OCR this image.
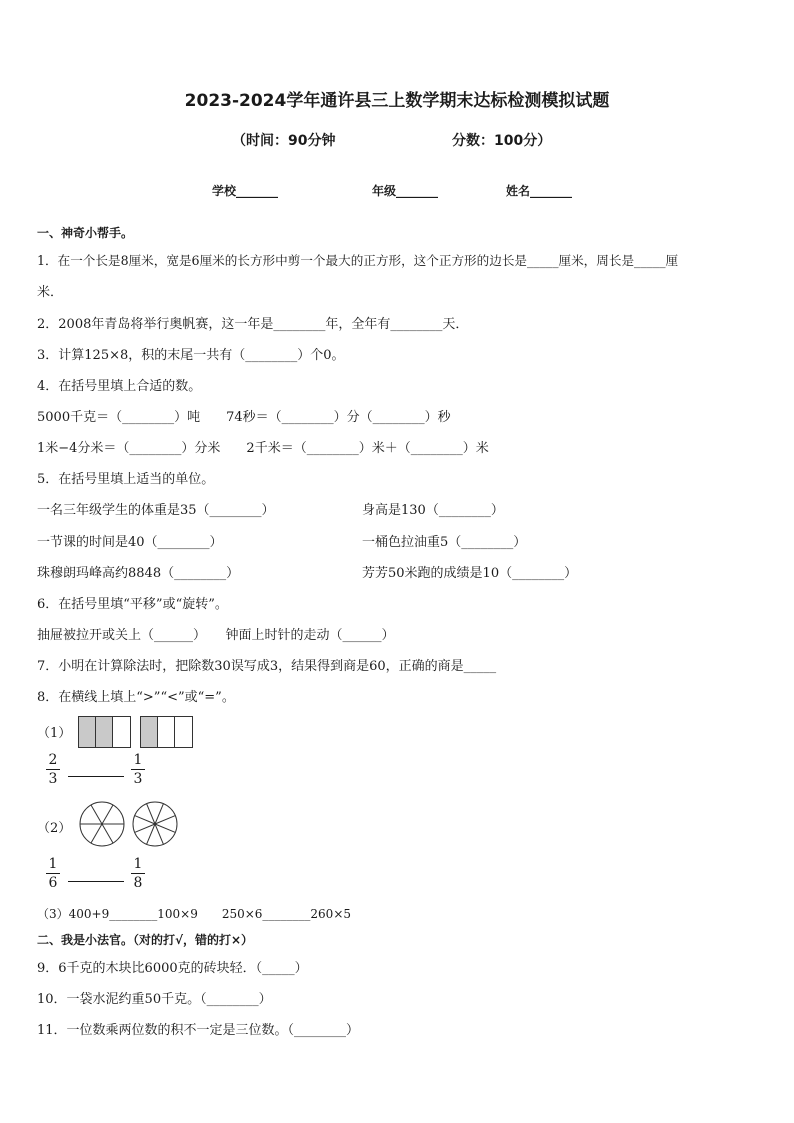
2023-2024学年通许县三上数学期末达标检测模拟试题
（时间：90分钟	分数：100分）
学校_______	年级_______	姓名_______
一、神奇小帮手。
1．在一个长是8厘米，宽是6厘米的长方形中剪一个最大的正方形，这个正方形的边长是_____厘米，周长是_____厘
米．
2．2008年青岛将举行奥帆赛，这一年是________年，全年有________天．
3．计算125×8，积的末尾一共有（________）个0。
4．在括号里填上合适的数。
5000千克＝（________）吨　　74秒＝（________）分（________）秒
1米−4分米＝（________）分米　　2千米＝（________）米＋（________）米
5．在括号里填上适当的单位。
一名三年级学生的体重是35（________）	身高是130（________）
一节课的时间是40（________）	一桶色拉油重5（________）
珠穆朗玛峰高约8848（________）	芳芳50米跑的成绩是10（________）
6．在括号里填“平移”或“旋转”。
抽屉被拉开或关上（______）　　钟面上时针的走动（______）
7．小明在计算除法时，把除数30误写成3，结果得到商是60，正确的商是_____
8．在横线上填上“>”“<”或“=”。
（1）
$\frac{2}{3}$	$\frac{1}{3}$
（2）
$\frac{1}{6}$	$\frac{1}{8}$
（3）400+9________100×9　　250×6________260×5
二、我是小法官。（对的打√，错的打×）
9．6千克的木块比6000克的砖块轻．（_____）
10．一袋水泥约重50千克。（________）
11．一位数乘两位数的积不一定是三位数。（________）
